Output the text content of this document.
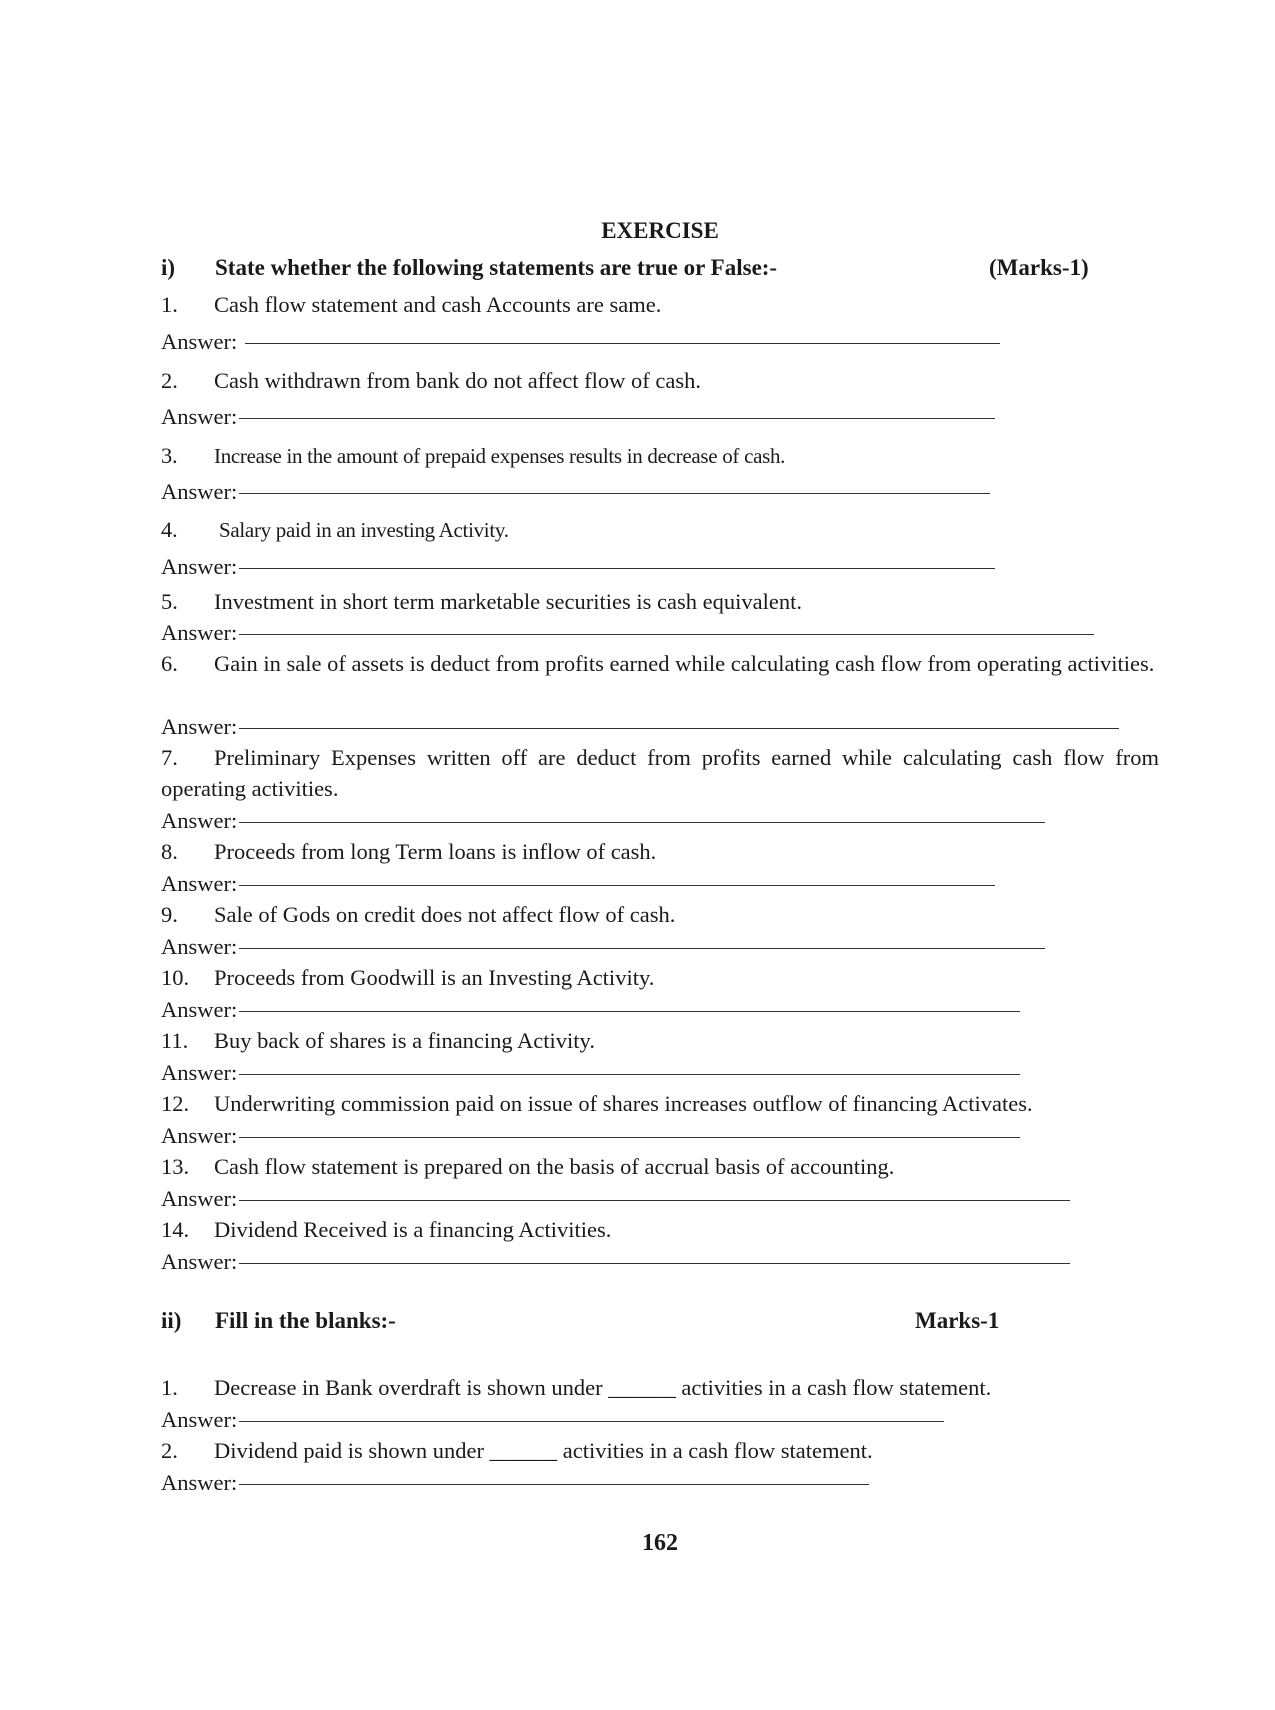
EXERCISE
i) State whether the following statements are true or False:-	(Marks-1)
1. Cash flow statement and cash Accounts are same.
Answer:

2. Cash withdrawn from bank do not affect flow of cash.
Answer:
3. Increase in the amount of prepaid expenses results in decrease of cash.
Answer:
4. Salary paid in an investing Activity.
Answer:
5. Investment in short term marketable securities is cash equivalent.
Answer:
6. Gain in sale of assets is deduct from profits earned while calculating cash flow from operating activities.
Answer:
7. Preliminary Expenses written off are deduct from profits earned while calculating cash flow from operating activities.
Answer:
8. Proceeds from long Term loans is inflow of cash.
Answer:
9. Sale of Gods on credit does not affect flow of cash.
Answer:
10. Proceeds from Goodwill is an Investing Activity.
Answer:
11. Buy back of shares is a financing Activity.
Answer:
12. Underwriting commission paid on issue of shares increases outflow of financing Activates.
Answer:
13. Cash flow statement is prepared on the basis of accrual basis of accounting.
Answer:
14. Dividend Received is a financing Activities.
Answer:
ii) Fill in the blanks:-	Marks-1
1. Decrease in Bank overdraft is shown under ______ activities in a cash flow statement.
Answer:
2. Dividend paid is shown under ______ activities in a cash flow statement.
Answer:
162
